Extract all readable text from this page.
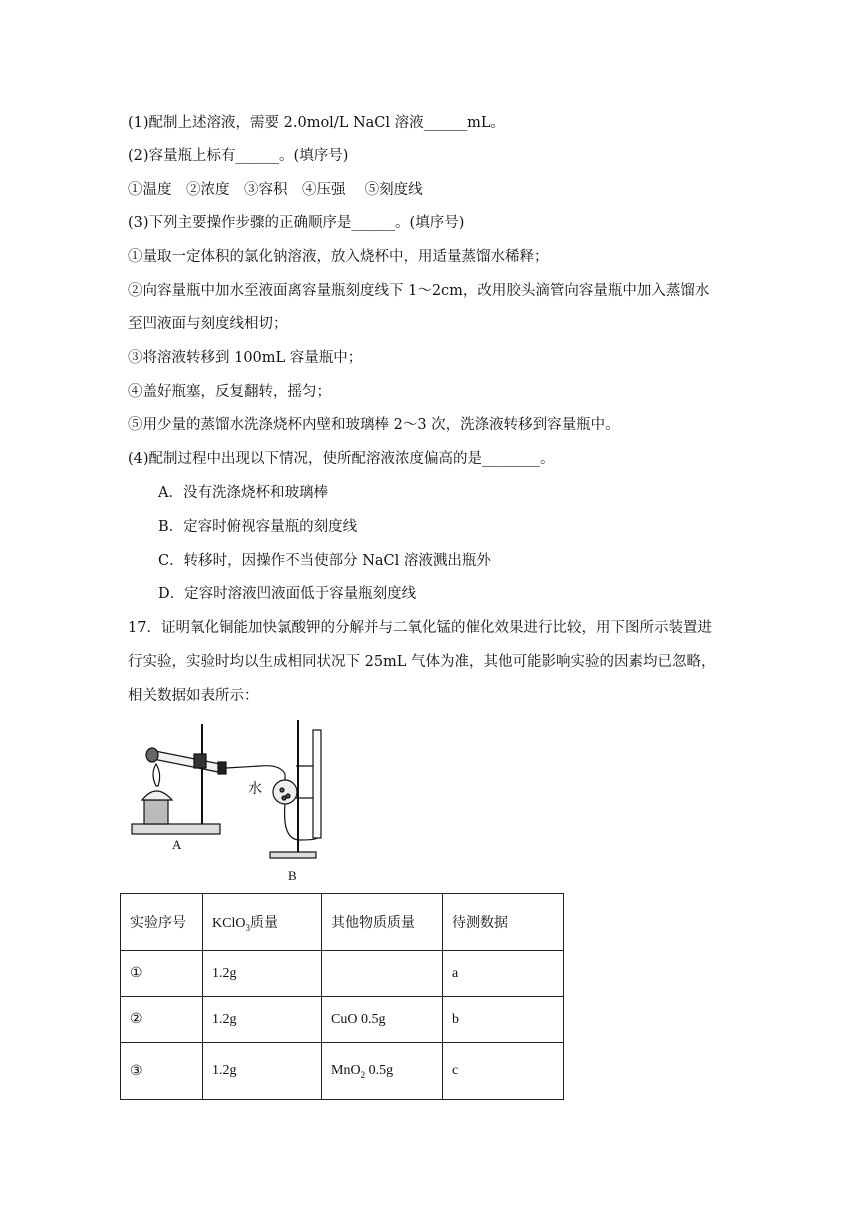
(1)配制上述溶液，需要 2.0mol/L NaCl 溶液______mL。
(2)容量瓶上标有______。(填序号)
①温度　②浓度　③容积　④压强　 ⑤刻度线
(3)下列主要操作步骤的正确顺序是______。(填序号)
①量取一定体积的氯化钠溶液，放入烧杯中，用适量蒸馏水稀释；
②向容量瓶中加水至液面离容量瓶刻度线下 1～2cm，改用胶头滴管向容量瓶中加入蒸馏水
至凹液面与刻度线相切；
③将溶液转移到 100mL 容量瓶中；
④盖好瓶塞，反复翻转，摇匀；
⑤用少量的蒸馏水洗涤烧杯内壁和玻璃棒 2～3 次，洗涤液转移到容量瓶中。
(4)配制过程中出现以下情况，使所配溶液浓度偏高的是________。
A．没有洗涤烧杯和玻璃棒
B．定容时俯视容量瓶的刻度线
C．转移时，因操作不当使部分 NaCl 溶液溅出瓶外
D．定容时溶液凹液面低于容量瓶刻度线
17．证明氧化铜能加快氯酸钾的分解并与二氧化锰的催化效果进行比较，用下图所示装置进
行实验，实验时均以生成相同状况下 25mL 气体为准，其他可能影响实验的因素均已忽略，
相关数据如表所示：
A
B
水
实验序号	KClO$_3$质量	其他物质质量	待测数据
①	1.2g		a
②	1.2g	CuO 0.5g	b
③	1.2g	MnO$_2$ 0.5g	c
